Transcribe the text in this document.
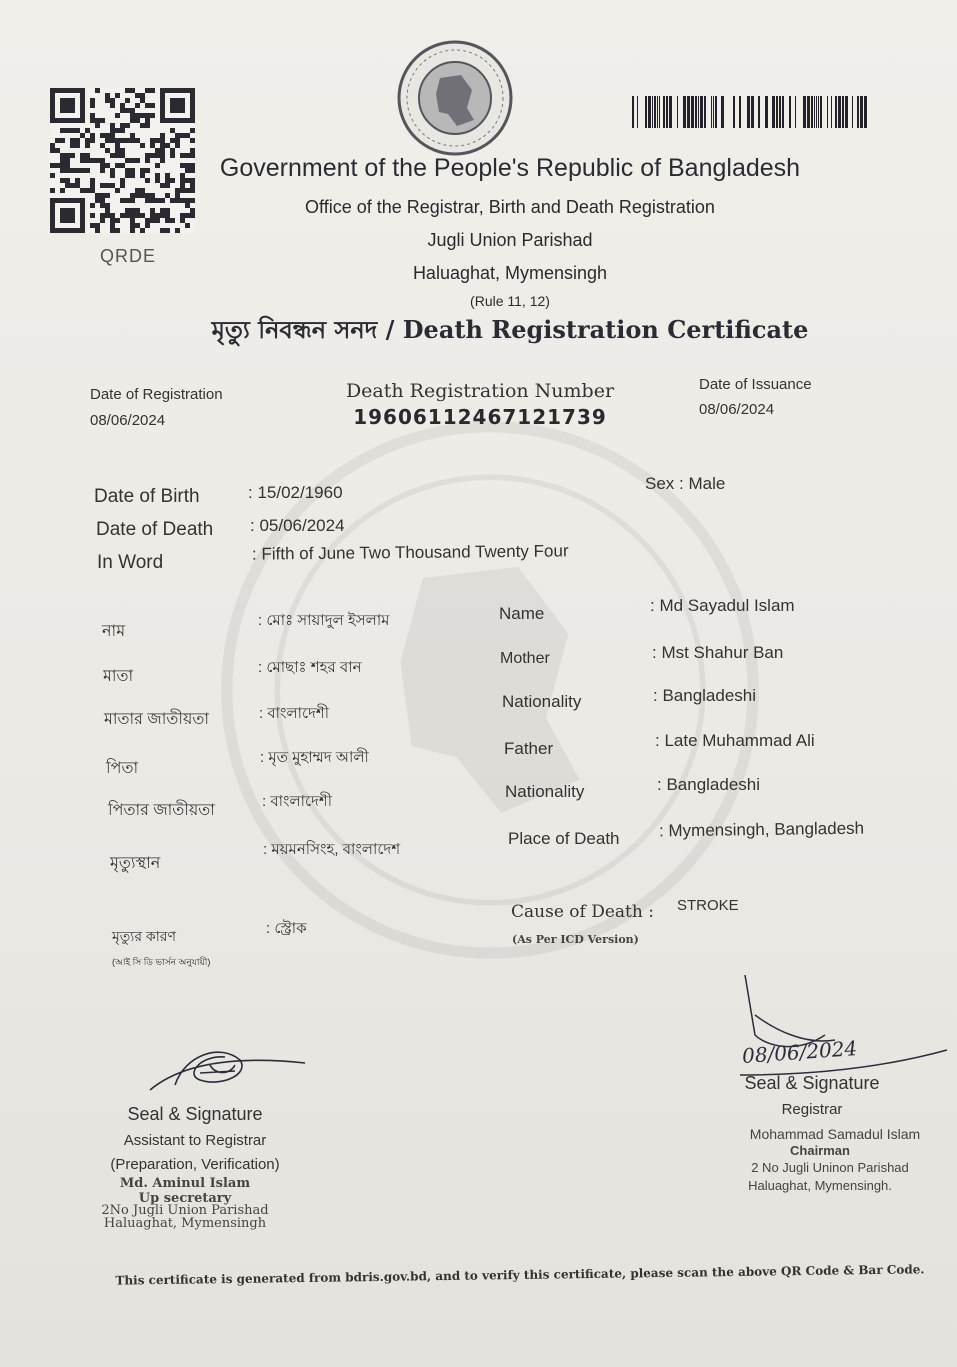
QRDE
Government of the People's Republic of Bangladesh
Office of the Registrar, Birth and Death Registration
Jugli Union Parishad
Haluaghat, Mymensingh
(Rule 11, 12)
মৃত্যু নিবন্ধন সনদ / Death Registration Certificate
Date of Registration
08/06/2024
Death Registration Number
19606112467121739
Date of Issuance
08/06/2024
Date of Birth	: 15/02/1960
Date of Death : 05/06/2024
In Word	: Fifth of June Two Thousand Twenty Four
Sex : Male
নাম
: মোঃ সায়াদুল ইসলাম
মাতা
: মোছাঃ শহর বান
মাতার জাতীয়তা	: বাংলাদেশী
পিতা
: মৃত মুহাম্মদ আলী
পিতার জাতীয়তা
: বাংলাদেশী
মৃত্যুস্থান
: ময়মনসিংহ, বাংলাদেশ
Name	: Md Sayadul Islam
Mother	: Mst Shahur Ban
Nationality	: Bangladeshi
Father	: Late Muhammad Ali
Nationality	: Bangladeshi
Place of Death : Mymensingh, Bangladesh
মৃত্যুর কারণ
(আই সি ডি ভার্সন অনুযায়ী)
: স্ট্রোক
Cause of Death : STROKE
(As Per ICD Version)
Seal & Signature
Assistant to Registrar
(Preparation, Verification)
Md. Aminul Islam
Up secretary
2No Jugli Union Parishad
Haluaghat, Mymensingh
08/06/2024
Seal & Signature
Registrar
Mohammad Samadul Islam
Chairman
2 No Jugli Uninon Parishad
Haluaghat, Mymensingh.
This certificate is generated from bdris.gov.bd, and to verify this certificate, please scan the above QR Code & Bar Code.
